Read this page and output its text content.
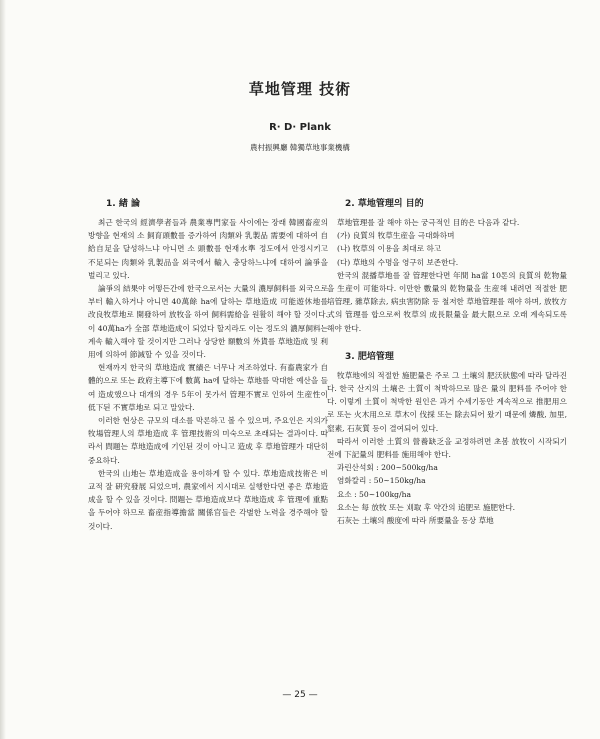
草地管理 技術
R· D· Plank
農村振興廳 韓獨草地事業機構
1. 緖 論

최근 한국의 經濟學者들과 農業專門家들 사이에는 장래 韓國畜産의 방향을 현재의 소 飼育頭數를 증가하여 肉類와 乳製品 需要에 대하여 自給自足을 달성하느냐 아니면 소 頭數를 현재水準 정도에서 안정시키고 不足되는 肉類와 乳製品을 외국에서 輸入 충당하느냐에 대하여 論爭을 벌리고 있다.

論爭의 結果야 어떻든간에 한국으로서는 大量의 濃厚飼料를 외국으로부터 輸入하거나 아니면 40萬餘 ha에 달하는 草地造成 可能遊休地를 改良牧草地로 開發하여 放牧을 하여 飼料需給을 원활히 해야 할 것이다. 이 40萬ha가 全部 草地造成이 되었다 할지라도 이는 정도의 濃厚飼料는 계속 輸入해야 할 것이지만 그러나 상당한 額數의 外貨를 草地造成 및 利用에 의하여 節減할 수 있을 것이다.

현재까지 한국의 草地造成 實績은 너무나 저조하였다. 有畜農家가 自體的으로 또는 政府主導下에 數萬 ha에 달하는 草地를 막대한 예산을 들여 造成했으나 대개의 경우 5年이 못가서 管理不實로 인하여 生産性이 低下된 不實草地로 되고 말았다.

이러한 현상은 규모의 대소를 막론하고 볼 수 있으며, 주요인은 지의가 牧場管理人의 草地造成 후 管理技術의 미숙으로 초래되는 결과이다. 따라서 問題는 草地造成에 기인된 것이 아니고 造成 후 草地管理가 대단히 중요하다.

한국의 山地는 草地造成을 용이하게 할 수 있다. 草地造成技術은 비교적 잘 硏究發展 되었으며, 農家에서 지시대로 실행한다면 좋은 草地造成을 할 수 있을 것이다. 問題는 草地造成보다 草地造成 후 管理에 重點을 두어야 하므로 畜産指導擔當 關係官들은 각별한 노력을 경주해야 할 것이다.

2. 草地管理의 目的

草地管理를 잘 해야 하는 궁극적인 目的은 다음과 같다.

(가) 良質의 牧草生産을 극대화하며

(나) 牧草의 이용을 최대로 하고

(다) 草地의 수명을 영구히 보존한다.

한국의 混播草地를 잘 管理한다면 年間 ha當 10톤의 良質의 乾物量을 生産이 可能하다. 이만한 數量의 乾物量을 生産해 내려면 적절한 肥培管理, 雜草除去, 病虫害防除 등 철저한 草地管理를 해야 하며, 放牧方式의 管理를 합으로써 牧草의 成長限量을 最大限으로 오래 계속되도록 해야 한다.

3. 肥培管理

牧草地에의 적절한 施肥量은 주로 그 土壤의 肥沃狀態에 따라 달라진다. 한국 산지의 土壤은 土質이 척박하므로 많은 量의 肥料를 주어야 한다. 이렇게 土質이 척박한 원인은 과거 수세기동안 계속적으로 推肥用으로 또는 火木用으로 草木이 伐採 또는 除去되어 왔기 때문에 燐酸, 加里, 窒素, 石灰質 등이 결여되어 있다.

따라서 이러한 土質의 營養缺乏을 교정하려면 초봄 放牧이 시작되기 전에 下記量의 肥料를 施用해야 한다.

과린산석회 : 200~500kg/ha

염화칼리 : 50~150kg/ha

요소 : 50~100kg/ha

요소는 每 放牧 또는 刈取 후 약간의 追肥로 施肥한다.

石灰는 土壤의 酸度에 따라 所要量을 동상 草地

— 25 —
